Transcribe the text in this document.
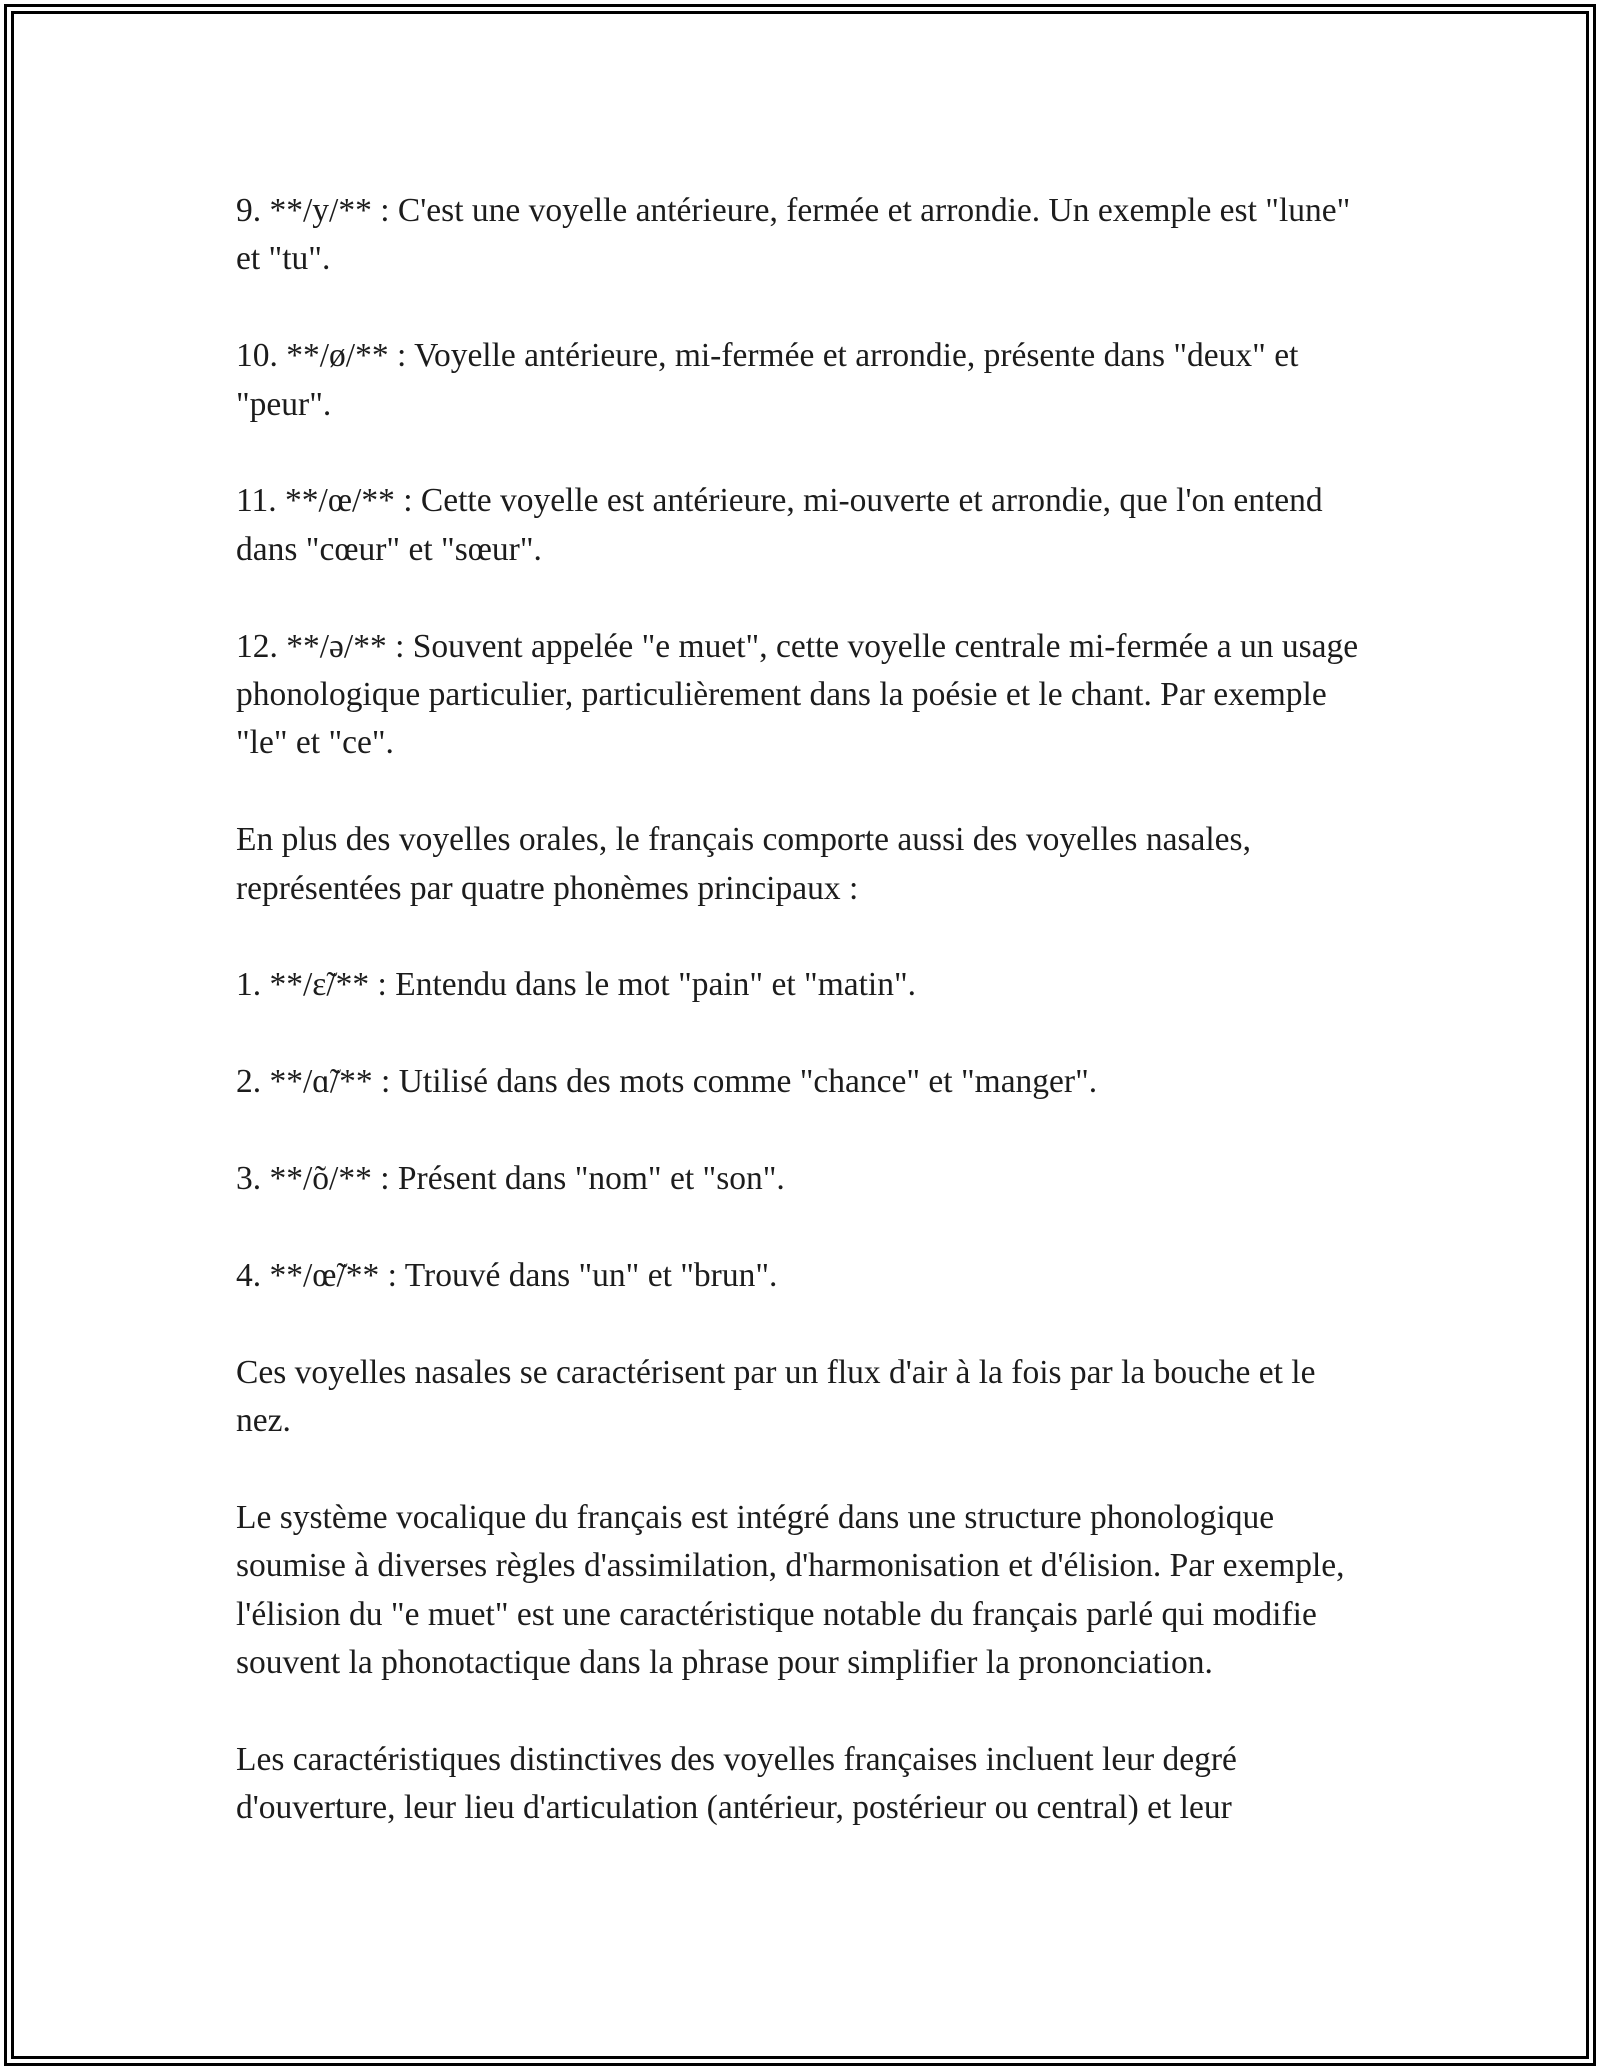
9. **/y/** : C'est une voyelle antérieure, fermée et arrondie. Un exemple est "lune" et "tu".

10. **/ø/** : Voyelle antérieure, mi-fermée et arrondie, présente dans "deux" et "peur".

11. **/œ/** : Cette voyelle est antérieure, mi-ouverte et arrondie, que l'on entend dans "cœur" et "sœur".

12. **/ə/** : Souvent appelée "e muet", cette voyelle centrale mi-fermée a un usage phonologique particulier, particulièrement dans la poésie et le chant. Par exemple "le" et "ce".

En plus des voyelles orales, le français comporte aussi des voyelles nasales, représentées par quatre phonèmes principaux :

1. **/ɛ̃/** : Entendu dans le mot "pain" et "matin".

2. **/ɑ̃/** : Utilisé dans des mots comme "chance" et "manger".

3. **/õ/** : Présent dans "nom" et "son".

4. **/œ̃/** : Trouvé dans "un" et "brun".

Ces voyelles nasales se caractérisent par un flux d'air à la fois par la bouche et le nez.

Le système vocalique du français est intégré dans une structure phonologique soumise à diverses règles d'assimilation, d'harmonisation et d'élision. Par exemple, l'élision du "e muet" est une caractéristique notable du français parlé qui modifie souvent la phonotactique dans la phrase pour simplifier la prononciation.

Les caractéristiques distinctives des voyelles françaises incluent leur degré d'ouverture, leur lieu d'articulation (antérieur, postérieur ou central) et leur
